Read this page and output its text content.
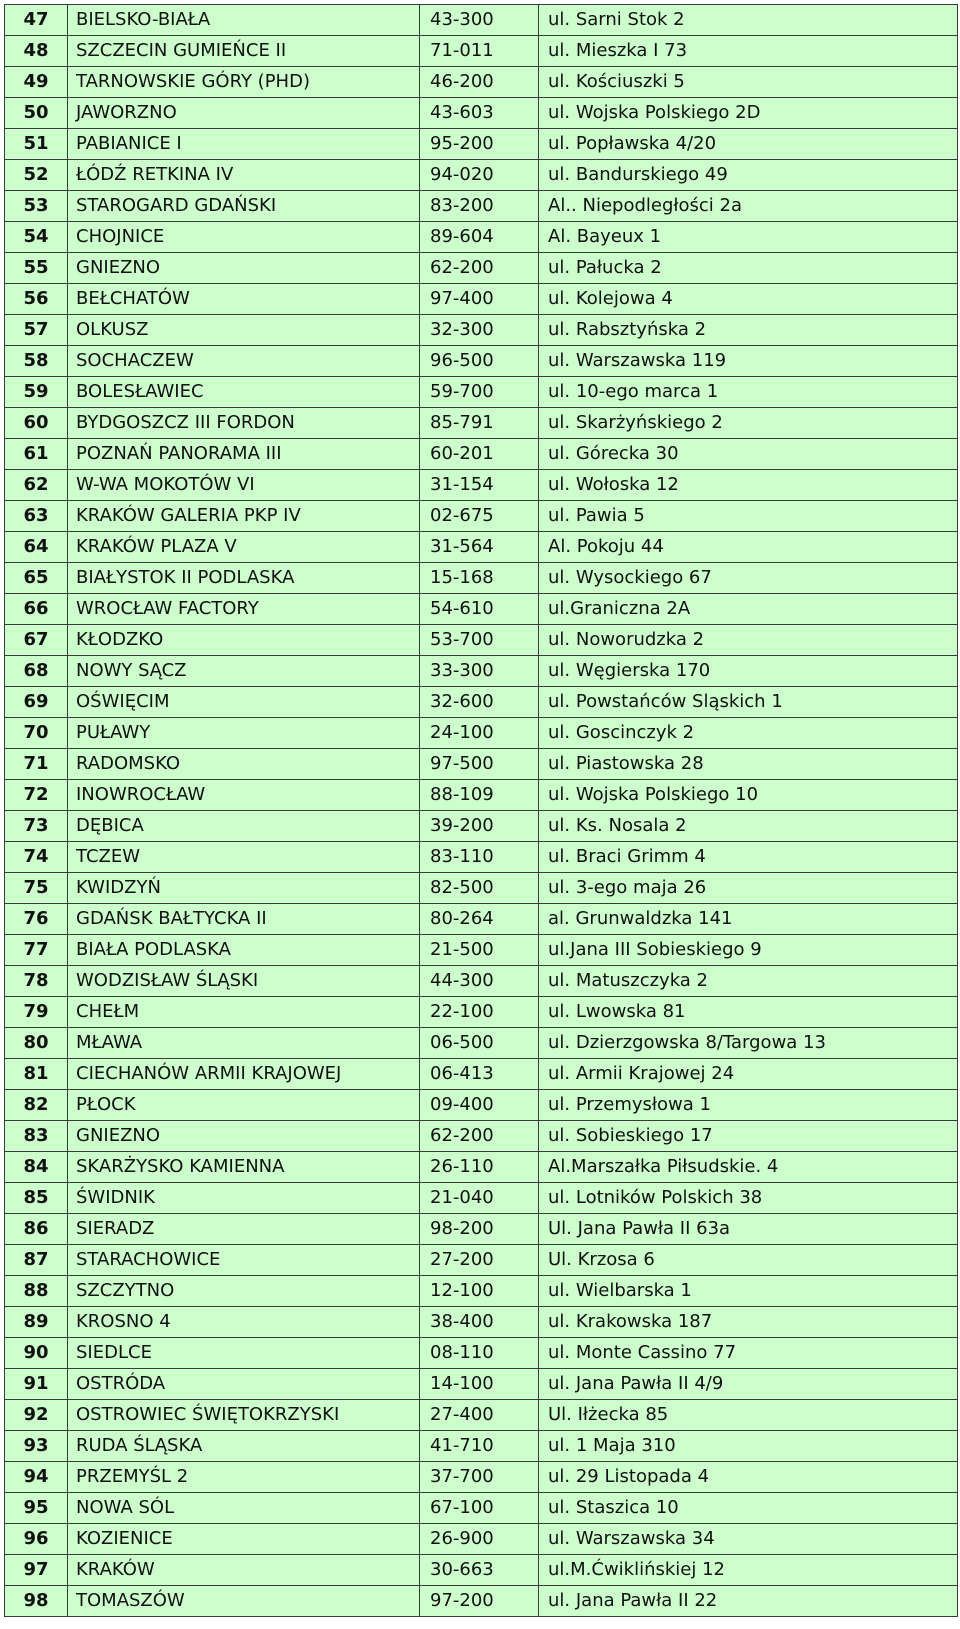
47	BIELSKO-BIAŁA	43-300	ul. Sarni Stok 2
48	SZCZECIN GUMIEŃCE II	71-011	ul. Mieszka I 73
49	TARNOWSKIE GÓRY (PHD)	46-200	ul. Kościuszki 5
50	JAWORZNO	43-603	ul. Wojska Polskiego 2D
51	PABIANICE I	95-200	ul. Popławska 4/20
52	ŁÓDŹ RETKINA IV	94-020	ul. Bandurskiego 49
53	STAROGARD GDAŃSKI	83-200	Al.. Niepodległości 2a
54	CHOJNICE	89-604	Al. Bayeux 1
55	GNIEZNO	62-200	ul. Pałucka 2
56	BEŁCHATÓW	97-400	ul. Kolejowa 4
57	OLKUSZ	32-300	ul. Rabsztyńska 2
58	SOCHACZEW	96-500	ul. Warszawska 119
59	BOLESŁAWIEC	59-700	ul. 10-ego marca 1
60	BYDGOSZCZ III FORDON	85-791	ul. Skarżyńskiego 2
61	POZNAŃ PANORAMA III	60-201	ul. Górecka 30
62	W-WA MOKOTÓW VI	31-154	ul. Wołoska 12
63	KRAKÓW GALERIA PKP IV	02-675	ul. Pawia 5
64	KRAKÓW PLAZA V	31-564	Al. Pokoju 44
65	BIAŁYSTOK II PODLASKA	15-168	ul. Wysockiego 67
66	WROCŁAW FACTORY	54-610	ul.Graniczna 2A
67	KŁODZKO	53-700	ul. Noworudzka 2
68	NOWY SĄCZ	33-300	ul. Węgierska 170
69	OŚWIĘCIM	32-600	ul. Powstańców Sląskich 1
70	PUŁAWY	24-100	ul. Goscinczyk 2
71	RADOMSKO	97-500	ul. Piastowska 28
72	INOWROCŁAW	88-109	ul. Wojska Polskiego 10
73	DĘBICA	39-200	ul. Ks. Nosala 2
74	TCZEW	83-110	ul. Braci Grimm 4
75	KWIDZYŃ	82-500	ul. 3-ego maja 26
76	GDAŃSK BAŁTYCKA II	80-264	al. Grunwaldzka 141
77	BIAŁA PODLASKA	21-500	ul.Jana III Sobieskiego 9
78	WODZISŁAW ŚLĄSKI	44-300	ul. Matuszczyka 2
79	CHEŁM	22-100	ul. Lwowska 81
80	MŁAWA	06-500	ul. Dzierzgowska 8/Targowa 13
81	CIECHANÓW ARMII KRAJOWEJ	06-413	ul. Armii Krajowej 24
82	PŁOCK	09-400	ul. Przemysłowa 1
83	GNIEZNO	62-200	ul. Sobieskiego 17
84	SKARŻYSKO KAMIENNA	26-110	Al.Marszałka Piłsudskie. 4
85	ŚWIDNIK	21-040	ul. Lotników Polskich 38
86	SIERADZ	98-200	Ul. Jana Pawła II 63a
87	STARACHOWICE	27-200	Ul. Krzosa 6
88	SZCZYTNO	12-100	ul. Wielbarska 1
89	KROSNO 4	38-400	ul. Krakowska 187
90	SIEDLCE	08-110	ul. Monte Cassino 77
91	OSTRÓDA	14-100	ul. Jana Pawła II 4/9
92	OSTROWIEC ŚWIĘTOKRZYSKI	27-400	Ul. Iłżecka 85
93	RUDA ŚLĄSKA	41-710	ul. 1 Maja 310
94	PRZEMYŚL 2	37-700	ul. 29 Listopada 4
95	NOWA SÓL	67-100	ul. Staszica 10
96	KOZIENICE	26-900	ul. Warszawska 34
97	KRAKÓW	30-663	ul.M.Ćwiklińskiej 12
98	TOMASZÓW	97-200	ul. Jana Pawła II 22
